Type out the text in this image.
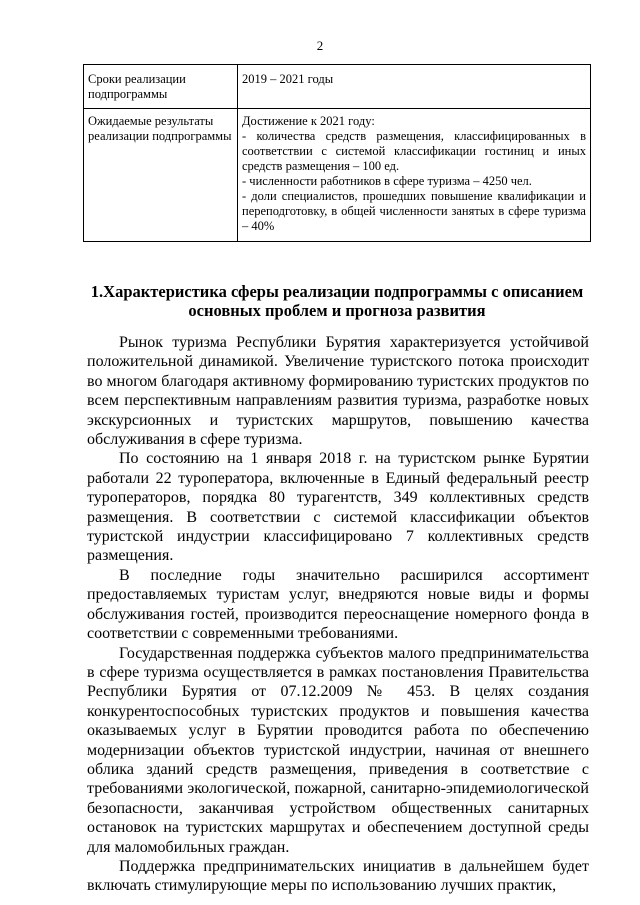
2
Сроки реализации подпрограммы	2019 – 2021 годы

Ожидаемые результаты реализации подпрограммы	Достижение к 2021 году:
- количества средств размещения, классифицированных в соответствии с системой классификации гостиниц и иных средств размещения – 100 ед.
- численности работников в сфере туризма – 4250 чел.
- доли специалистов, прошедших повышение квалификации и переподготовку, в общей численности занятых в сфере туризма – 40%
1.Характеристика сферы реализации подпрограммы с описанием основных проблем и прогноза развития

Рынок туризма Республики Бурятия характеризуется устойчивой положительной динамикой. Увеличение туристского потока происходит во многом благодаря активному формированию туристских продуктов по всем перспективным направлениям развития туризма, разработке новых экскурсионных и туристских маршрутов, повышению качества обслуживания в сфере туризма.

По состоянию на 1 января 2018 г. на туристском рынке Бурятии работали 22 туроператора, включенные в Единый федеральный реестр туроператоров, порядка 80 турагентств, 349 коллективных средств размещения. В соответствии с системой классификации объектов туристской индустрии классифицировано 7 коллективных средств размещения.

В последние годы значительно расширился ассортимент предоставляемых туристам услуг, внедряются новые виды и формы обслуживания гостей, производится переоснащение номерного фонда в соответствии с современными требованиями.

Государственная поддержка субъектов малого предпринимательства в сфере туризма осуществляется в рамках постановления Правительства Республики Бурятия от 07.12.2009 № 453. В целях создания конкурентоспособных туристских продуктов и повышения качества оказываемых услуг в Бурятии проводится работа по обеспечению модернизации объектов туристской индустрии, начиная от внешнего облика зданий средств размещения, приведения в соответствие с требованиями экологической, пожарной, санитарно-эпидемиологической безопасности, заканчивая устройством общественных санитарных остановок на туристских маршрутах и обеспечением доступной среды для маломобильных граждан.

Поддержка предпринимательских инициатив в дальнейшем будет включать стимулирующие меры по использованию лучших практик,
